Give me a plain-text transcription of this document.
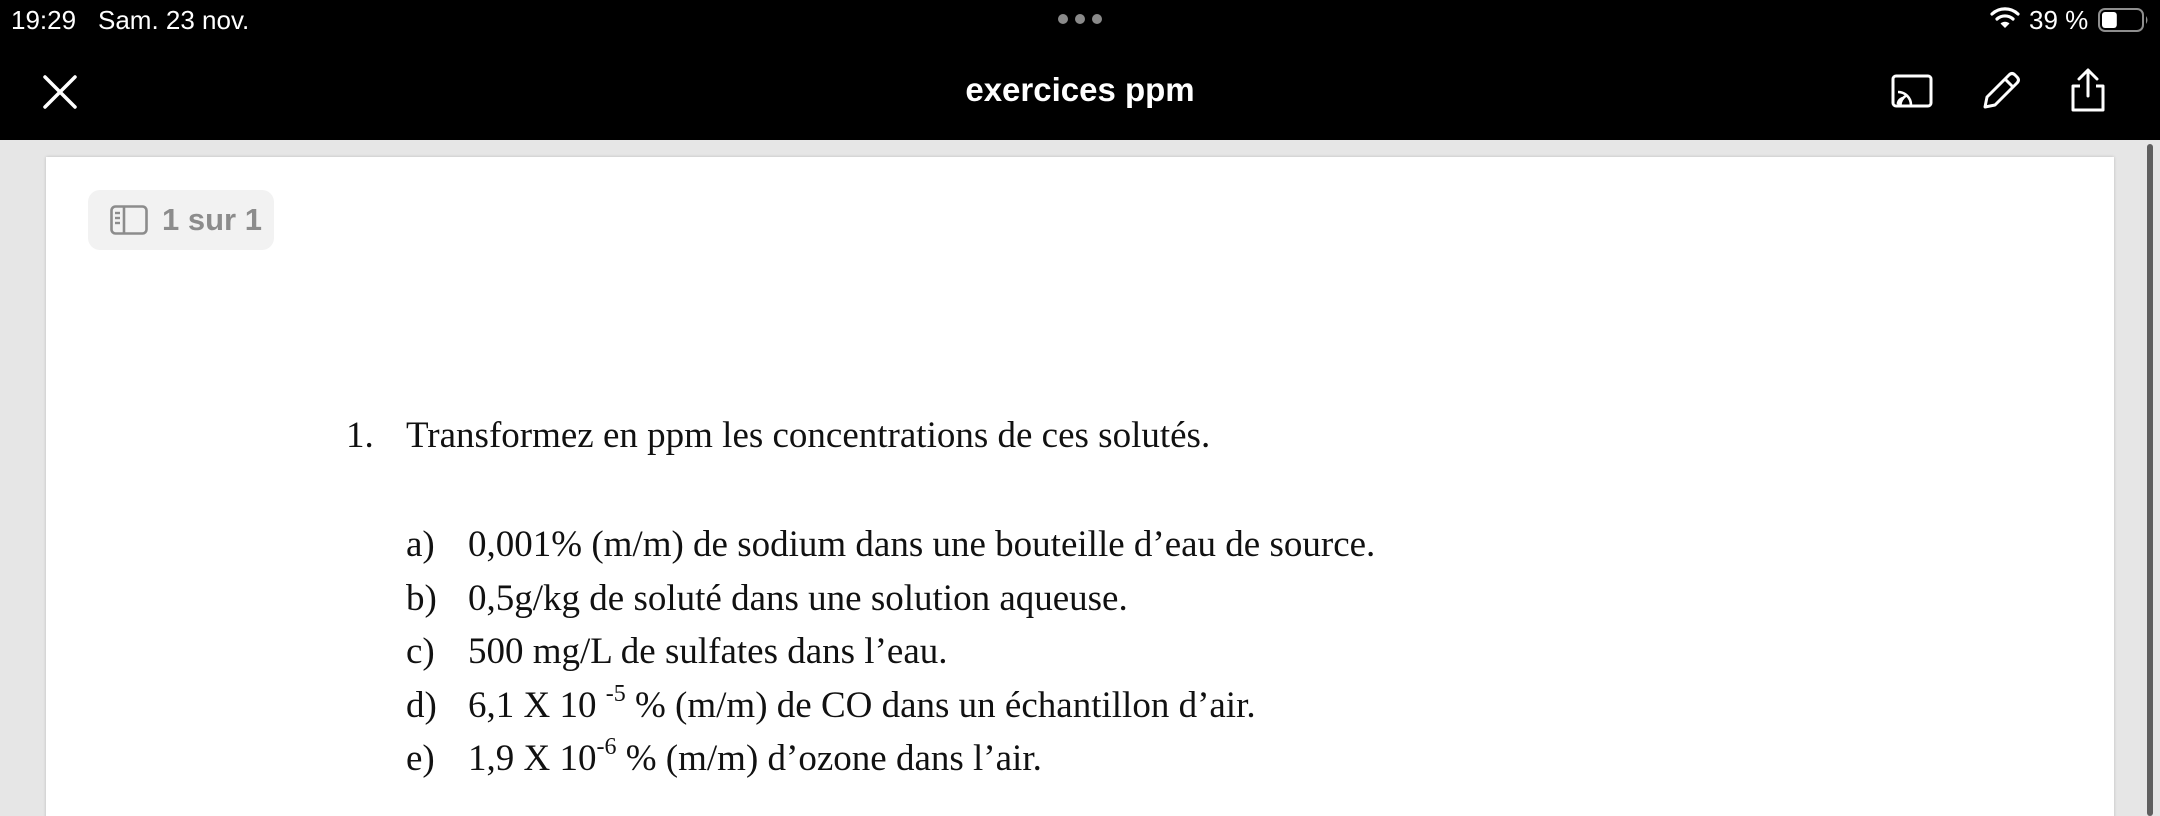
19:29 Sam. 23 nov.	39 %
exercices ppm
1 sur 1
1. Transformez en ppm les concentrations de ces solutés.
a) 0,001% (m/m) de sodium dans une bouteille d’eau de source.
b) 0,5g/kg de soluté dans une solution aqueuse.
c) 500 mg/L de sulfates dans l’eau.
d) 6,1 X 10 $^{-5}$ % (m/m) de CO dans un échantillon d’air.
e) 1,9 X $10^{-6}$ % (m/m) d’ozone dans l’air.
